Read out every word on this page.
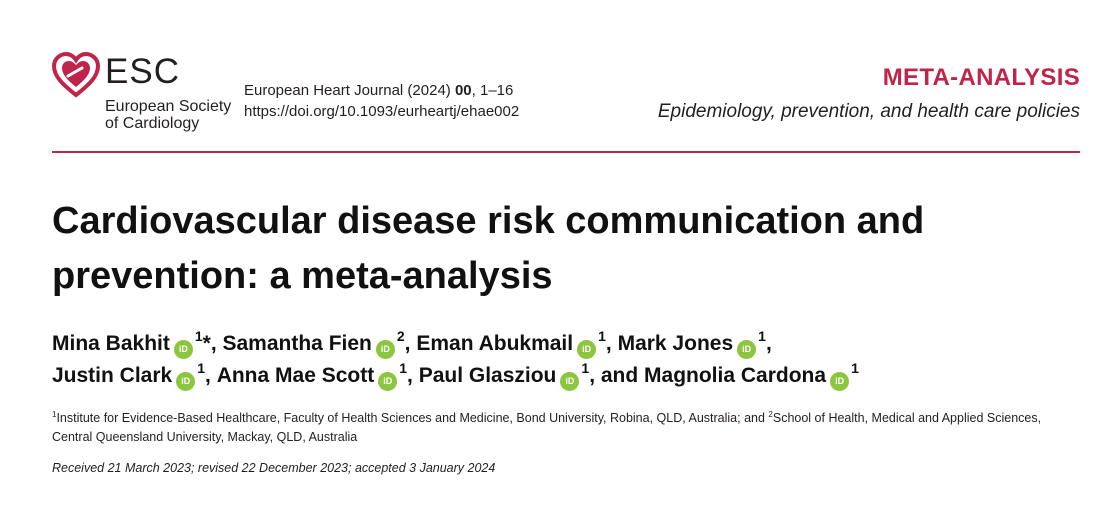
ESC
European Society
of Cardiology
European Heart Journal (2024) 00, 1–16
https://doi.org/10.1093/eurheartj/ehae002
META-ANALYSIS
Epidemiology, prevention, and health care policies
Cardiovascular disease risk communication and
prevention: a meta-analysis
Mina Bakhit $iD^1*$, Samantha Fien $iD^2$, Eman Abukmail $iD^1$, Mark Jones $iD^1$,
Justin Clark $iD^1$, Anna Mae Scott $iD^1$, Paul Glasziou $iD^1$, and Magnolia Cardona $iD^1$
$^1$Institute for Evidence-Based Healthcare, Faculty of Health Sciences and Medicine, Bond University, Robina, QLD, Australia; and $^2$School of Health, Medical and Applied Sciences, Central Queensland University, Mackay, QLD, Australia
Received 21 March 2023; revised 22 December 2023; accepted 3 January 2024
